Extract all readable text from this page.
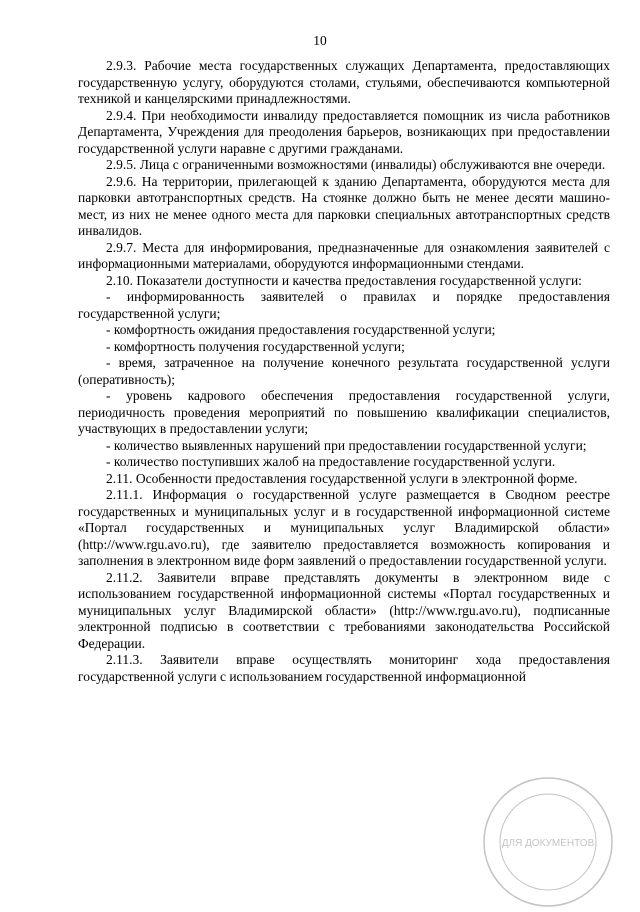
10

2.9.3. Рабочие места государственных служащих Департамента, предоставляющих государственную услугу, оборудуются столами, стульями, обеспечиваются компьютерной техникой и канцелярскими принадлежностями.

2.9.4. При необходимости инвалиду предоставляется помощник из числа работников Департамента, Учреждения для преодоления барьеров, возникающих при предоставлении государственной услуги наравне с другими гражданами.

2.9.5. Лица с ограниченными возможностями (инвалиды) обслуживаются вне очереди.

2.9.6. На территории, прилегающей к зданию Департамента, оборудуются места для парковки автотранспортных средств. На стоянке должно быть не менее десяти машино-мест, из них не менее одного места для парковки специальных автотранспортных средств инвалидов.

2.9.7. Места для информирования, предназначенные для ознакомления заявителей с информационными материалами, оборудуются информационными стендами.

2.10. Показатели доступности и качества предоставления государственной услуги:

- информированность заявителей о правилах и порядке предоставления государственной услуги;

- комфортность ожидания предоставления государственной услуги;

- комфортность получения государственной услуги;

- время, затраченное на получение конечного результата государственной услуги (оперативность);

- уровень кадрового обеспечения предоставления государственной услуги, периодичность проведения мероприятий по повышению квалификации специалистов, участвующих в предоставлении услуги;

- количество выявленных нарушений при предоставлении государственной услуги;

- количество поступивших жалоб на предоставление государственной услуги.

2.11. Особенности предоставления государственной услуги в электронной форме.

2.11.1. Информация о государственной услуге размещается в Сводном реестре государственных и муниципальных услуг и в государственной информационной системе «Портал государственных и муниципальных услуг Владимирской области» (http://www.rgu.avo.ru), где заявителю предоставляется возможность копирования и заполнения в электронном виде форм заявлений о предоставлении государственной услуги.

2.11.2. Заявители вправе представлять документы в электронном виде с использованием государственной информационной системы «Портал государственных и муниципальных услуг Владимирской области» (http://www.rgu.avo.ru), подписанные электронной подписью в соответствии с требованиями законодательства Российской Федерации.

2.11.3. Заявители вправе осуществлять мониторинг хода предоставления государственной услуги с использованием государственной информационной

ДЛЯ ДОКУМЕНТОВ
